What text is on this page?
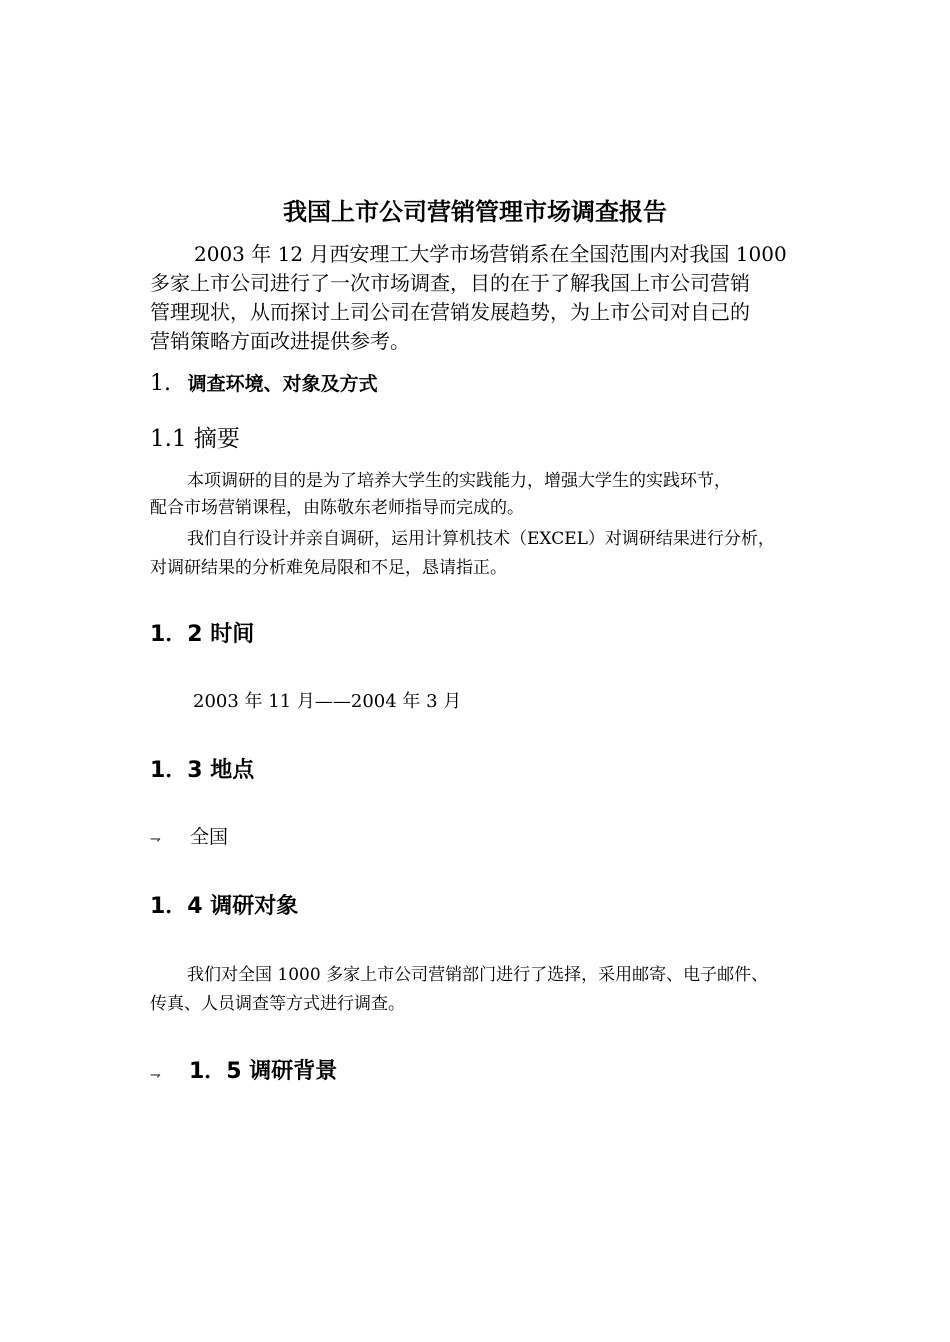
我国上市公司营销管理市场调查报告
2003 年 12 月西安理工大学市场营销系在全国范围内对我国 1000
多家上市公司进行了一次市场调查，目的在于了解我国上市公司营销
管理现状，从而探讨上司公司在营销发展趋势，为上市公司对自己的
营销策略方面改进提供参考。
1. 调查环境、对象及方式
1.1 摘要
本项调研的目的是为了培养大学生的实践能力，增强大学生的实践环节，
配合市场营销课程，由陈敬东老师指导而完成的。
我们自行设计并亲自调研，运用计算机技术（EXCEL）对调研结果进行分析，
对调研结果的分析难免局限和不足，恳请指正。
1．2 时间
2003 年 11 月——2004 年 3 月
1．3 地点
⇁ 全国
1．4 调研对象
我们对全国 1000 多家上市公司营销部门进行了选择，采用邮寄、电子邮件、
传真、人员调查等方式进行调查。
⇁ 1．5 调研背景
